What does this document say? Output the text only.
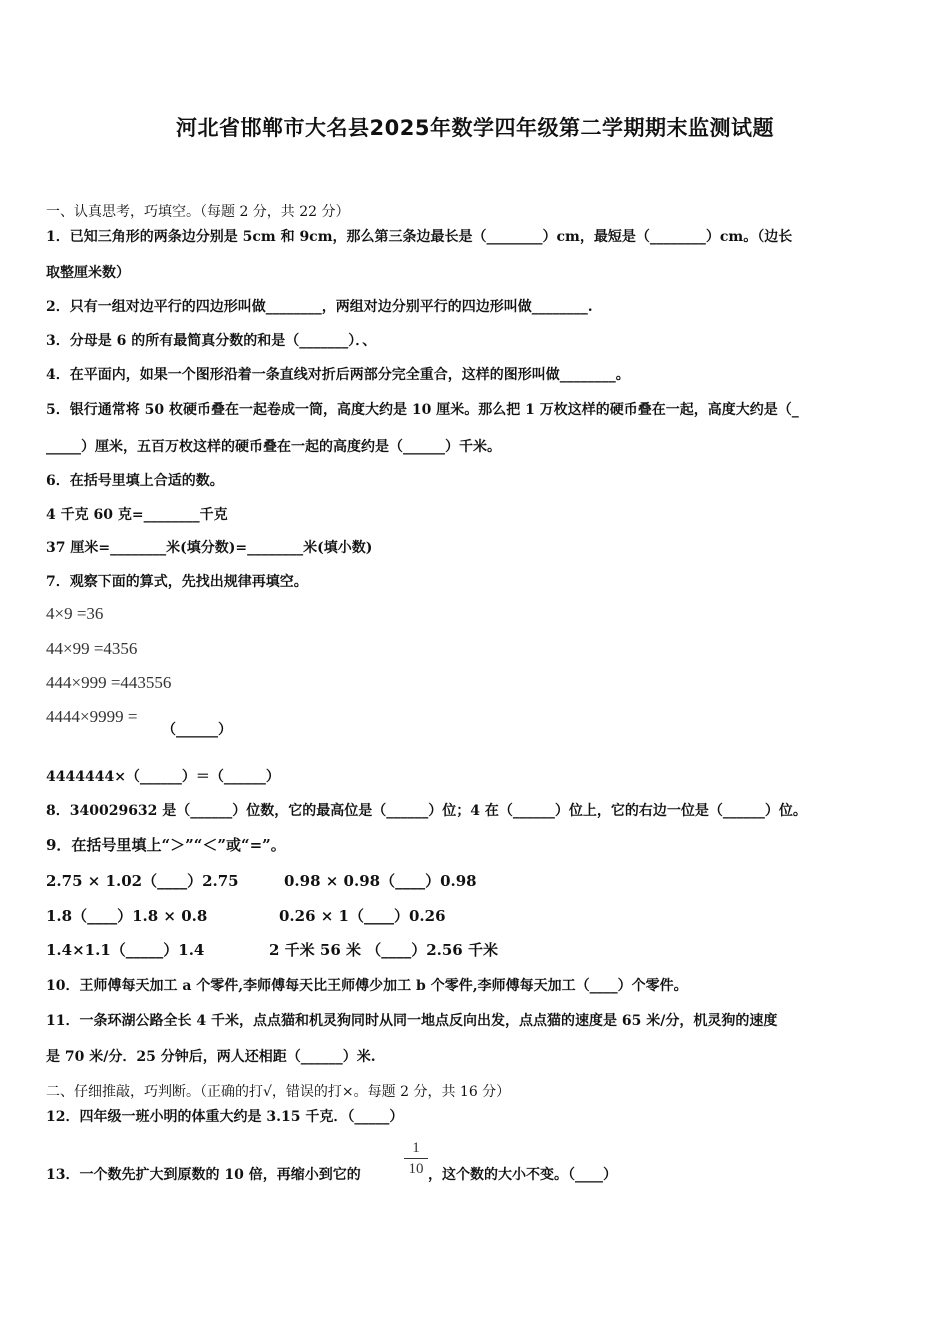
河北省邯郸市大名县2025年数学四年级第二学期期末监测试题
一、认真思考，巧填空。（每题 2 分，共 22 分）
1．已知三角形的两条边分别是 5cm 和 9cm，那么第三条边最长是（________）cm，最短是（________）cm。（边长
取整厘米数）
2．只有一组对边平行的四边形叫做________，两组对边分别平行的四边形叫做________.
3．分母是 6 的所有最简真分数的和是（_______）．、
4．在平面内，如果一个图形沿着一条直线对折后两部分完全重合，这样的图形叫做________。
5．银行通常将 50 枚硬币叠在一起卷成一筒，高度大约是 10 厘米。那么把 1 万枚这样的硬币叠在一起，高度大约是（_
_____）厘米，五百万枚这样的硬币叠在一起的高度约是（______）千米。
6．在括号里填上合适的数。
4 千克 60 克=________千克
37 厘米=________米(填分数)=________米(填小数)
7．观察下面的算式，先找出规律再填空。
4×9 =36
44×99 =4356
444×999 =443556
4444×9999 =
（______）
4444444×（______）＝（______）
8．340029632 是（______）位数，它的最高位是（______）位；4 在（______）位上，它的右边一位是（______）位。
9．在括号里填上“＞”“＜”或“=”。
2.75 × 1.02（____）2.75	0.98 × 0.98（____）0.98
1.8（____）1.8 × 0.8	0.26 × 1（____）0.26
1.4×1.1（_____）1.4	2 千米 56 米 （____）2.56 千米
10．王师傅每天加工 a 个零件,李师傅每天比王师傅少加工 b 个零件,李师傅每天加工（____）个零件。
11．一条环湖公路全长 4 千米，点点猫和机灵狗同时从同一地点反向出发，点点猫的速度是 65 米/分，机灵狗的速度
是 70 米/分．25 分钟后，两人还相距（______）米.
二、仔细推敲，巧判断。（正确的打√，错误的打×。每题 2 分，共 16 分）
12．四年级一班小明的体重大约是 3.15 千克．（_____）
13．一个数先扩大到原数的 10 倍，再缩小到它的	$\frac{1}{10}$ ，这个数的大小不变。（____）
